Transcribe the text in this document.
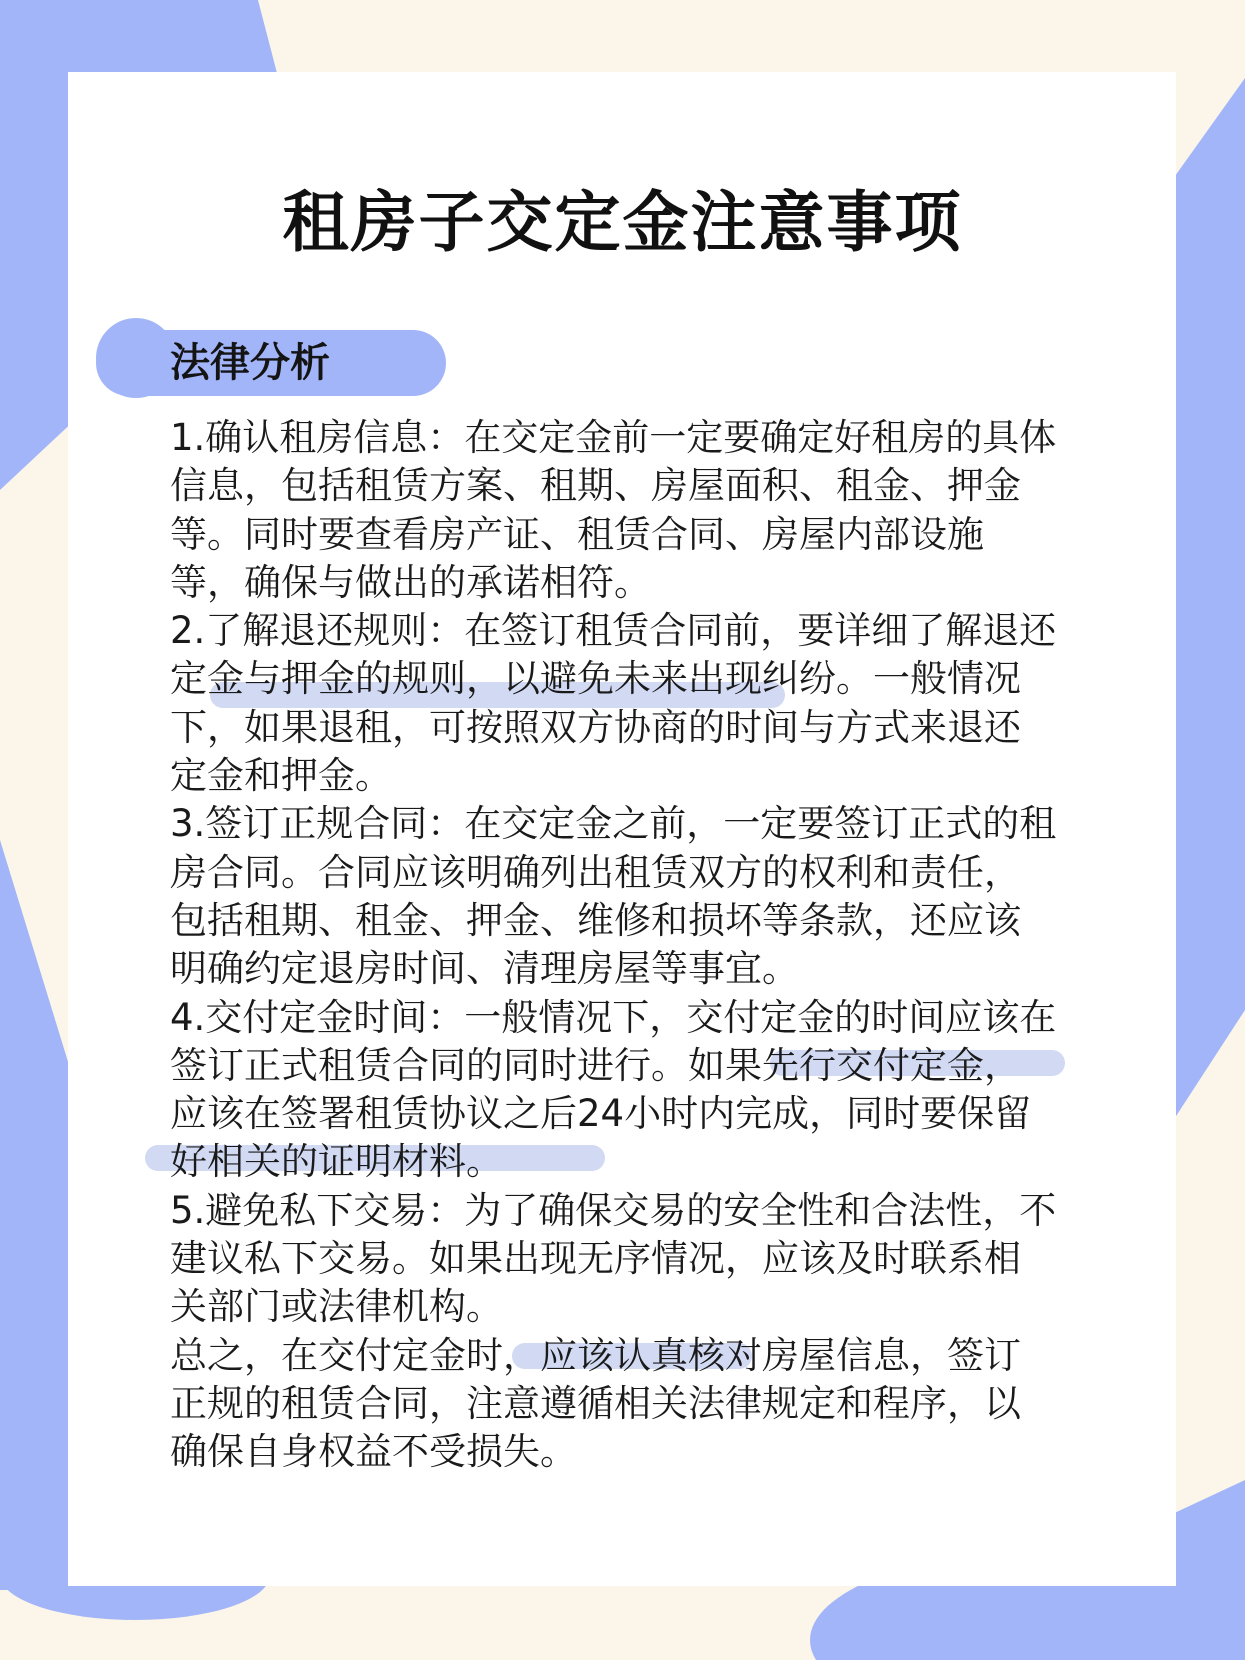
租房子交定金注意事项
法律分析

1.确认租房信息：在交定金前一定要确定好租房的具体

信息，包括租赁方案、租期、房屋面积、租金、押金

等。同时要查看房产证、租赁合同、房屋内部设施

等，确保与做出的承诺相符。

2.了解退还规则：在签订租赁合同前，要详细了解退还

定金与押金的规则，以避免未来出现纠纷。一般情况

下，如果退租，可按照双方协商的时间与方式来退还

定金和押金。

3.签订正规合同：在交定金之前，一定要签订正式的租

房合同。合同应该明确列出租赁双方的权利和责任，

包括租期、租金、押金、维修和损坏等条款，还应该

明确约定退房时间、清理房屋等事宜。

4.交付定金时间：一般情况下，交付定金的时间应该在

签订正式租赁合同的同时进行。如果先行交付定金，

应该在签署租赁协议之后24小时内完成，同时要保留

好相关的证明材料。

5.避免私下交易：为了确保交易的安全性和合法性，不

建议私下交易。如果出现无序情况，应该及时联系相

关部门或法律机构。

总之，在交付定金时，应该认真核对房屋信息，签订

正规的租赁合同，注意遵循相关法律规定和程序，以

确保自身权益不受损失。
